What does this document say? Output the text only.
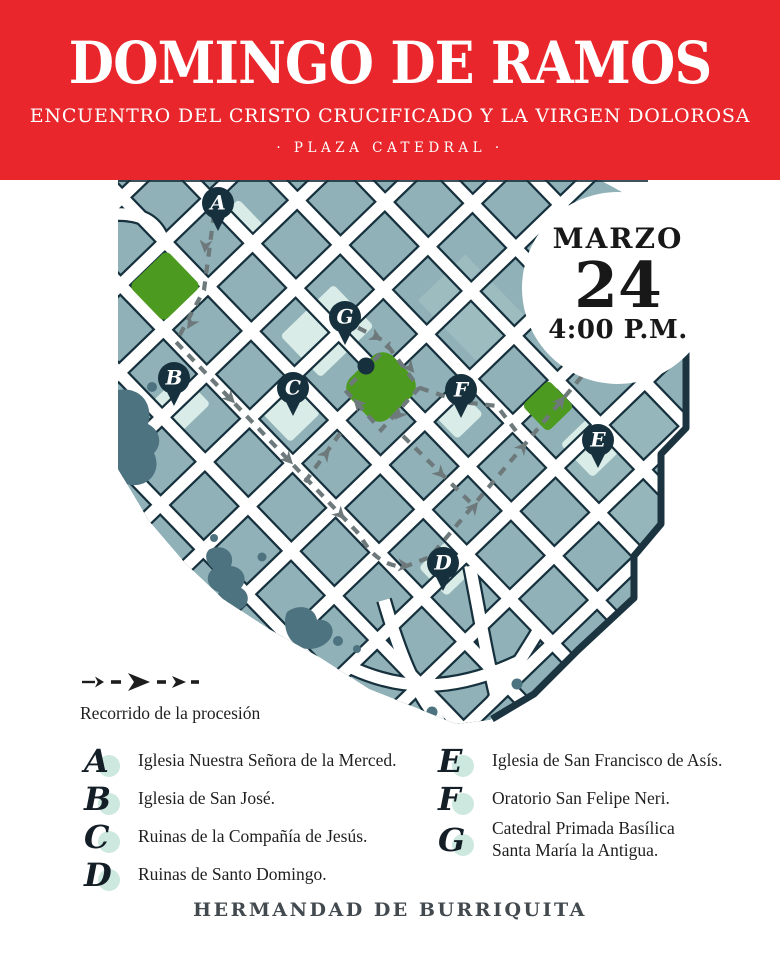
DOMINGO DE RAMOS
ENCUENTRO DEL CRISTO CRUCIFICADO Y LA VIRGEN DOLOROSA
· PLAZA CATEDRAL ·
A
B	C
D
E
F
G
MARZO
24
4:00 P.M.
Recorrido de la procesión
A Iglesia Nuestra Señora de la Merced.
B Iglesia de San José.
C Ruinas de la Compañía de Jesús.
D Ruinas de Santo Domingo.
E Iglesia de San Francisco de Asís.
F Oratorio San Felipe Neri.
G Catedral Primada Basílica
Santa María la Antigua.
HERMANDAD DE BURRIQUITA
